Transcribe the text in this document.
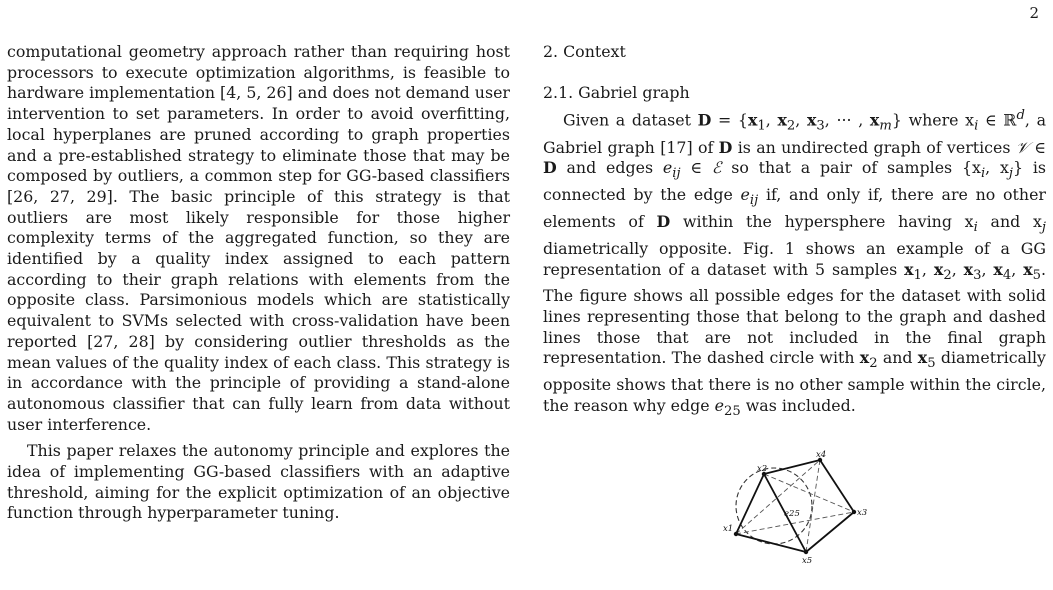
2

computational geometry approach rather than requiring host processors to execute optimization algorithms, is feasible to hardware implementation [4, 5, 26] and does not demand user intervention to set parameters. In order to avoid overfitting, local hyperplanes are pruned according to graph properties and a pre-established strategy to eliminate those that may be composed by outliers, a common step for GG-based classifiers [26, 27, 29]. The basic principle of this strategy is that outliers are most likely responsible for those higher complexity terms of the aggregated function, so they are identified by a quality index assigned to each pattern according to their graph relations with elements from the opposite class. Parsimonious models which are statistically equivalent to SVMs selected with cross-validation have been reported [27, 28] by considering outlier thresholds as the mean values of the quality index of each class. This strategy is in accordance with the principle of providing a stand-alone autonomous classifier that can fully learn from data without user interference.

This paper relaxes the autonomy principle and explores the idea of implementing GG-based classifiers with an adaptive threshold, aiming for the explicit optimization of an objective function through hyperparameter tuning.

2. Context
2.1. Gabriel graph

Given a dataset $D = \{x_1$, $x_2$, $x_3$, ··· , $x_m$} where $x_i$ ∈ ℝ$^d$, a Gabriel graph [17] of D is an undirected graph of vertices 𝒱 ∈ D and edges $e_{ij}$ ∈ ℰ so that a pair of samples {$x_i$, $x_j$} is connected by the edge $e_{ij}$ if, and only if, there are no other elements of D within the hypersphere having $x_i$ and $x_j$ diametrically opposite. Fig. 1 shows an example of a GG representation of a dataset with 5 samples $x_1$, $x_2$, $x_3$, $x_4$, $x_5$. The figure shows all possible edges for the dataset with solid lines representing those that belong to the graph and dashed lines those that are not included in the final graph representation. The dashed circle with $x_2$ and $x_5$ diametrically opposite shows that there is no other sample within the circle, the reason why edge $e_{25}$ was included.

x1
x2
x3
x4
x5
e25
